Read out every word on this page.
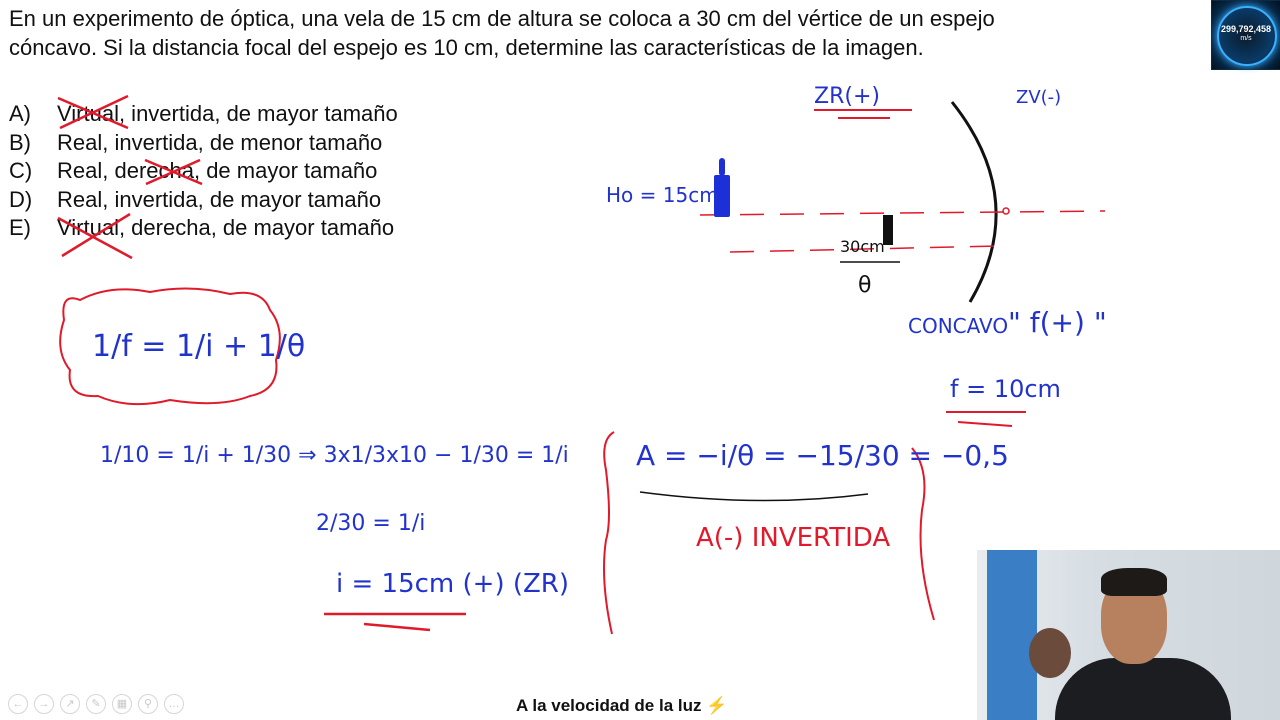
En un experimento de óptica, una vela de 15 cm de altura se coloca a 30 cm del vértice de un espejo cóncavo. Si la distancia focal del espejo es 10 cm, determine las características de la imagen.
A)	Virtual, invertida, de mayor tamaño
B)	Real, invertida, de menor tamaño
C)	Real, derecha, de mayor tamaño
D)	Real, invertida, de mayor tamaño
E)	Virtual, derecha, de mayor tamaño
ZR(+)	ZV(-)
Ho = 15cm
30cm
θ
CONCAVO " f(+) "
f = 10cm
1/f = 1/i + 1/θ
1/10 = 1/i + 1/30 ⇒ 3x1/3x10 − 1/30 = 1/i
2/30 = 1/i
i = 15cm (+) (ZR)
A = −i/θ = −15/30 = −0,5
A(-) INVERTIDA
299,792,458
m/s
←	→	↗	✎	▦	⚲	…	A la velocidad de la luz ⚡
